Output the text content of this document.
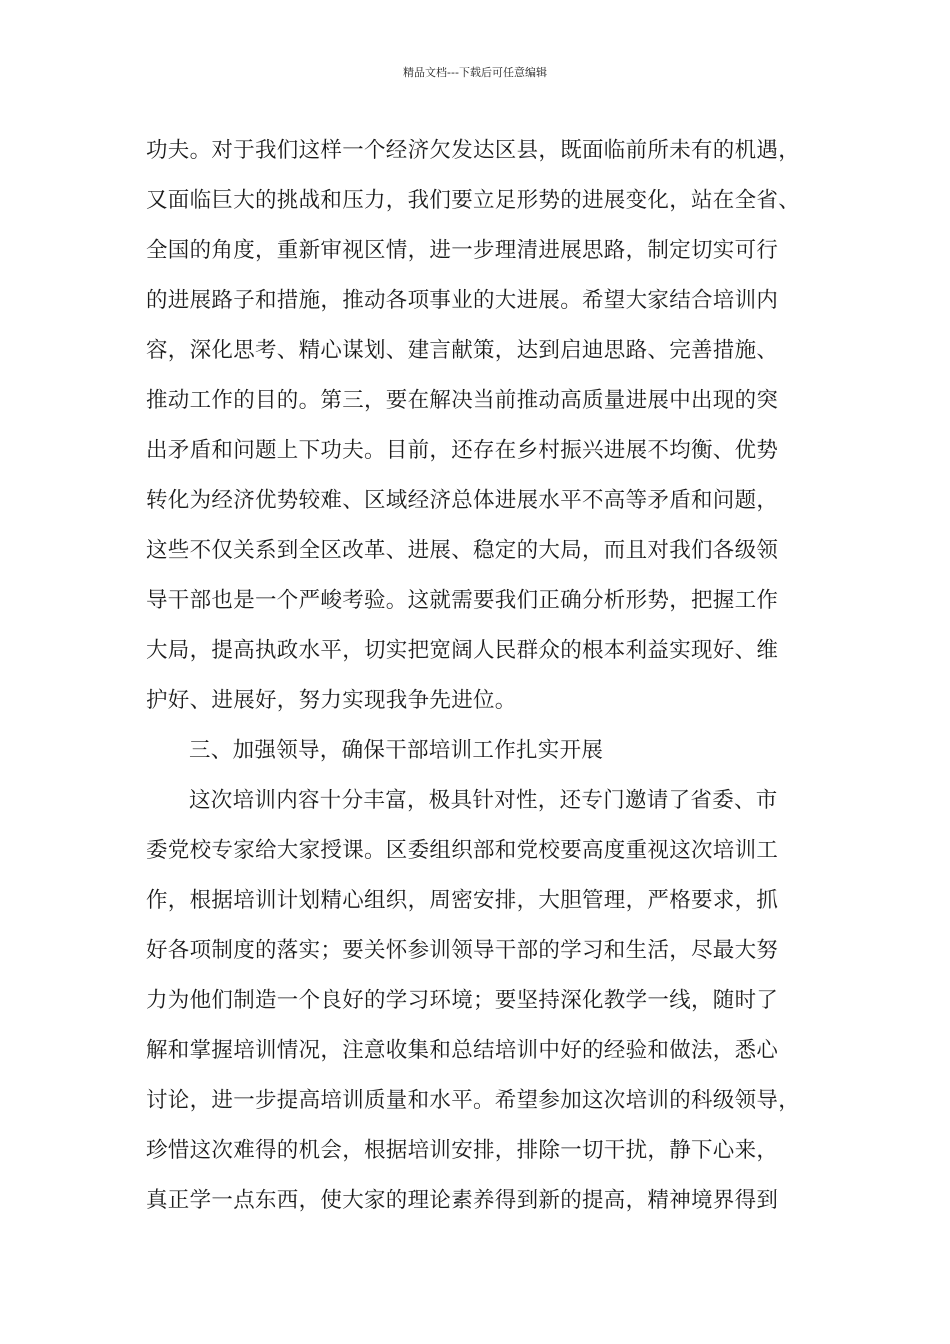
精品文档---下载后可任意编辑
功夫。对于我们这样一个经济欠发达区县，既面临前所未有的机遇，
又面临巨大的挑战和压力，我们要立足形势的进展变化，站在全省、
全国的角度，重新审视区情，进一步理清进展思路，制定切实可行
的进展路子和措施，推动各项事业的大进展。希望大家结合培训内
容，深化思考、精心谋划、建言献策，达到启迪思路、完善措施、
推动工作的目的。第三，要在解决当前推动高质量进展中出现的突
出矛盾和问题上下功夫。目前，还存在乡村振兴进展不均衡、优势
转化为经济优势较难、区域经济总体进展水平不高等矛盾和问题，
这些不仅关系到全区改革、进展、稳定的大局，而且对我们各级领
导干部也是一个严峻考验。这就需要我们正确分析形势，把握工作
大局，提高执政水平，切实把宽阔人民群众的根本利益实现好、维
护好、进展好，努力实现我争先进位。
三、加强领导，确保干部培训工作扎实开展
这次培训内容十分丰富，极具针对性，还专门邀请了省委、市
委党校专家给大家授课。区委组织部和党校要高度重视这次培训工
作，根据培训计划精心组织，周密安排，大胆管理，严格要求，抓
好各项制度的落实；要关怀参训领导干部的学习和生活，尽最大努
力为他们制造一个良好的学习环境；要坚持深化教学一线，随时了
解和掌握培训情况，注意收集和总结培训中好的经验和做法，悉心
讨论，进一步提高培训质量和水平。希望参加这次培训的科级领导，
珍惜这次难得的机会，根据培训安排，排除一切干扰，静下心来，
真正学一点东西，使大家的理论素养得到新的提高，精神境界得到
